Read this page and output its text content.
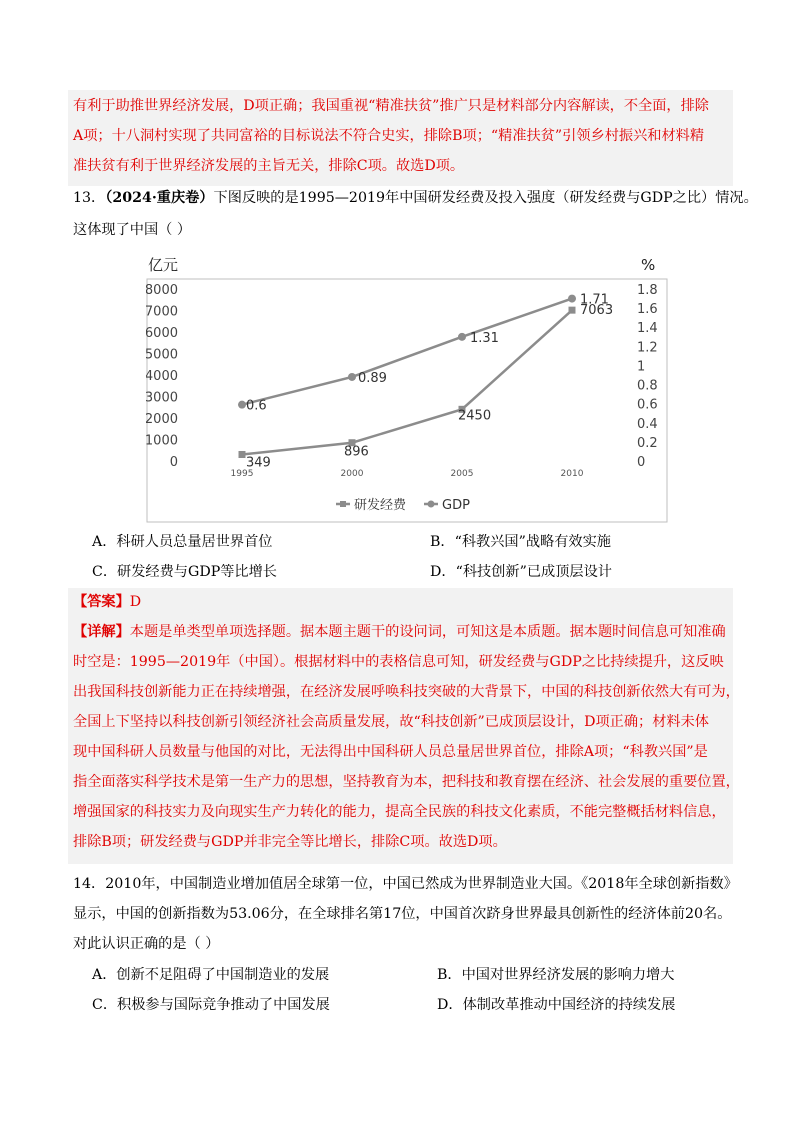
有利于助推世界经济发展，D项正确；我国重视“精准扶贫”推广只是材料部分内容解读，不全面，排除
A项；十八洞村实现了共同富裕的目标说法不符合史实，排除B项；“精准扶贫”引领乡村振兴和材料精
准扶贫有利于世界经济发展的主旨无关，排除C项。故选D项。
13．（2024·重庆卷）下图反映的是1995—2019年中国研发经费及投入强度（研发经费与GDP之比）情况。
这体现了中国（ ）
亿元	%
8000
7000
6000
5000
4000
3000
2000
1000
0
1.8
1.6
1.4
1.2
1
0.8
0.6
0.4
0.2
0
1995	2000	2005	2010
349
896
2450
7063
0.6
0.89
1.31
1.71
研发经费	GDP
A．科研人员总量居世界首位	B．“科教兴国”战略有效实施
C．研发经费与GDP等比增长	D．“科技创新”已成顶层设计
【答案】D
【详解】本题是单类型单项选择题。据本题主题干的设问词，可知这是本质题。据本题时间信息可知准确
时空是：1995—2019年（中国）。根据材料中的表格信息可知，研发经费与GDP之比持续提升，这反映
出我国科技创新能力正在持续增强，在经济发展呼唤科技突破的大背景下，中国的科技创新依然大有可为，
全国上下坚持以科技创新引领经济社会高质量发展，故“科技创新”已成顶层设计，D项正确；材料未体
现中国科研人员数量与他国的对比，无法得出中国科研人员总量居世界首位，排除A项；“科教兴国”是
指全面落实科学技术是第一生产力的思想，坚持教育为本，把科技和教育摆在经济、社会发展的重要位置，
增强国家的科技实力及向现实生产力转化的能力，提高全民族的科技文化素质，不能完整概括材料信息，
排除B项；研发经费与GDP并非完全等比增长，排除C项。故选D项。
14．2010年，中国制造业增加值居全球第一位，中国已然成为世界制造业大国。《2018年全球创新指数》
显示，中国的创新指数为53.06分，在全球排名第17位，中国首次跻身世界最具创新性的经济体前20名。
对此认识正确的是（ ）
A．创新不足阻碍了中国制造业的发展	B．中国对世界经济发展的影响力增大
C．积极参与国际竞争推动了中国发展	D．体制改革推动中国经济的持续发展
